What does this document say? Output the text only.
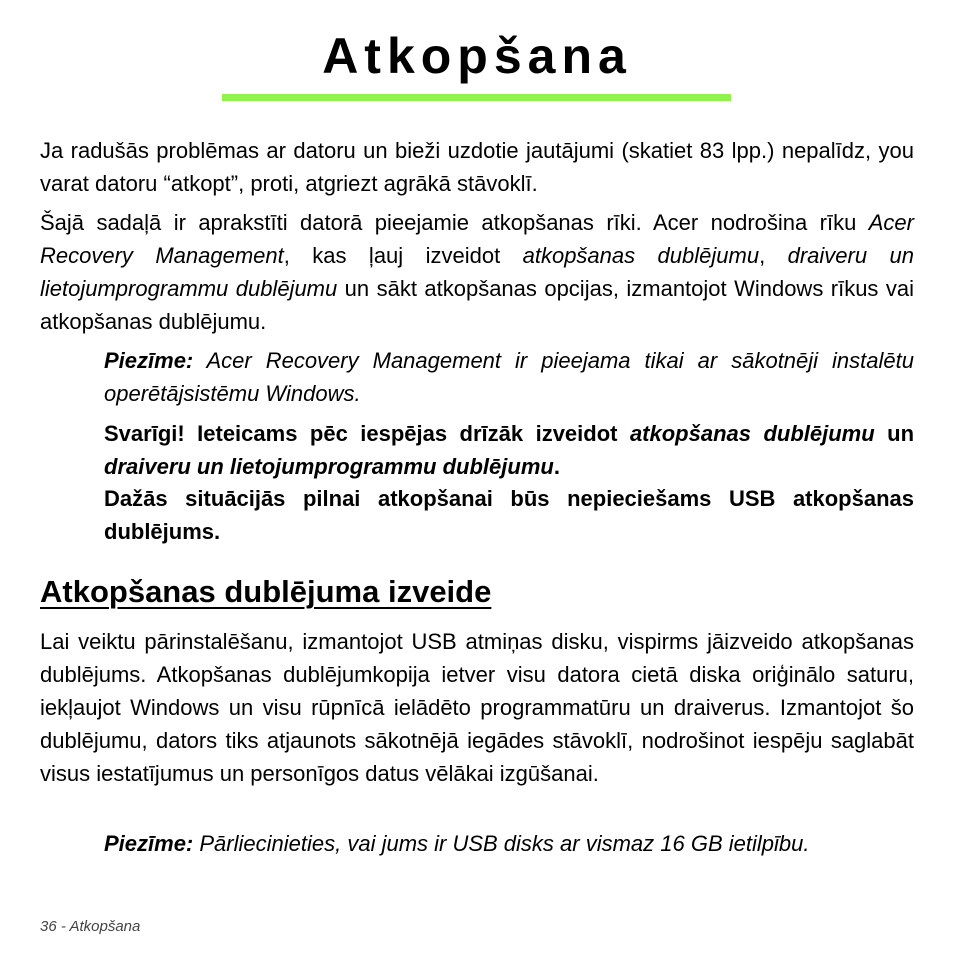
Atkopšana
Ja radušās problēmas ar datoru un bieži uzdotie jautājumi (skatiet 83 lpp.) nepalīdz, you varat datoru “atkopt”, proti, atgriezt agrākā stāvoklī.
Šajā sadaļā ir aprakstīti datorā pieejamie atkopšanas rīki. Acer nodrošina rīku Acer Recovery Management, kas ļauj izveidot atkopšanas dublējumu, draiveru un lietojumprogrammu dublējumu un sākt atkopšanas opcijas, izmantojot Windows rīkus vai atkopšanas dublējumu.
Piezīme: Acer Recovery Management ir pieejama tikai ar sākotnēji instalētu operētājsistēmu Windows.
Svarīgi! Ieteicams pēc iespējas drīzāk izveidot atkopšanas dublējumu un draiveru un lietojumprogrammu dublējumu.
Dažās situācijās pilnai atkopšanai būs nepieciešams USB atkopšanas dublējums.
Atkopšanas dublējuma izveide
Lai veiktu pārinstalēšanu, izmantojot USB atmiņas disku, vispirms jāizveido atkopšanas dublējums. Atkopšanas dublējumkopija ietver visu datora cietā diska oriģinālo saturu, iekļaujot Windows un visu rūpnīcā ielādēto programmatūru un draiverus. Izmantojot šo dublējumu, dators tiks atjaunots sākotnējā iegādes stāvoklī, nodrošinot iespēju saglabāt visus iestatījumus un personīgos datus vēlākai izgūšanai.
Piezīme: Pārliecinieties, vai jums ir USB disks ar vismaz 16 GB ietilpību.
36 - Atkopšana
